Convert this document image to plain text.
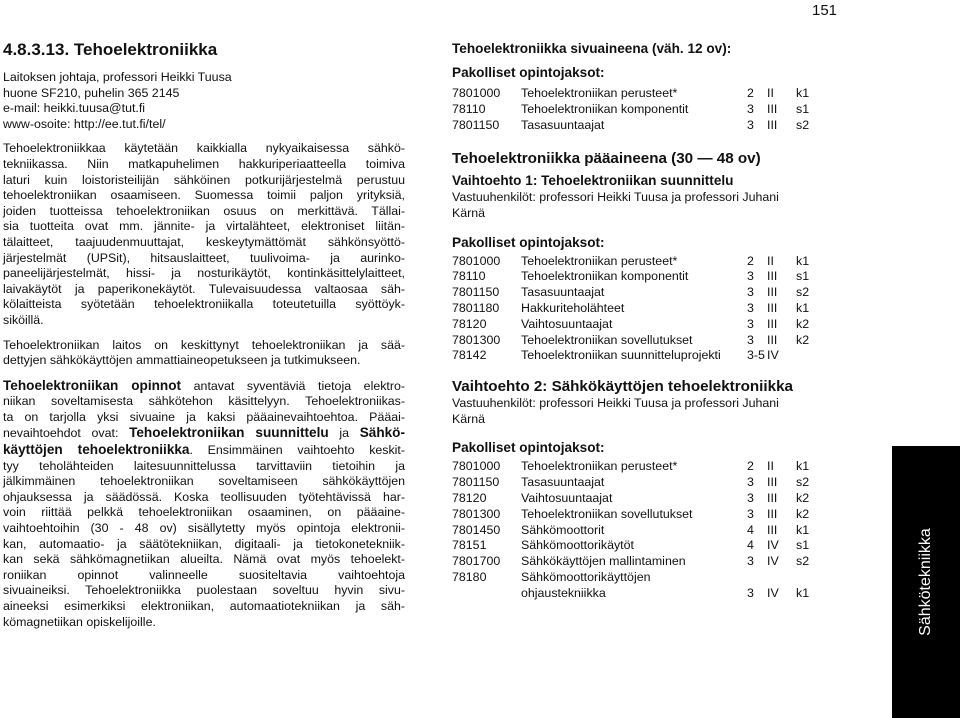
151
4.8.3.13. Tehoelektroniikka

Laitoksen johtaja, professori Heikki Tuusa

huone SF210, puhelin 365 2145

e-mail: heikki.tuusa@tut.fi

www-osoite: http://ee.tut.fi/tel/

Tehoelektroniikkaa käytetään kaikkialla nykyaikaisessa sähkö-

tekniikassa. Niin matkapuhelimen hakkuriperiaatteella toimiva

laturi kuin loistoristeilijän sähköinen potkurijärjestelmä perustuu

tehoelektroniikan osaamiseen. Suomessa toimii paljon yrityksiä,

joiden tuotteissa tehoelektroniikan osuus on merkittävä. Tällai-

sia tuotteita ovat mm. jännite- ja virtalähteet, elektroniset liitän-

tälaitteet, taajuudenmuuttajat, keskeytymättömät sähkönsyöttö-

järjestelmät (UPSit), hitsauslaitteet, tuulivoima- ja aurinko-

paneelijärjestelmät, hissi- ja nosturikäytöt, kontinkäsittelylaitteet,

laivakäytöt ja paperikonekäytöt. Tulevaisuudessa valtaosaa säh-

kölaitteista syötetään tehoelektroniikalla toteutetuilla syöttöyk-

siköillä.

Tehoelektroniikan laitos on keskittynyt tehoelektroniikan ja sää-

dettyjen sähkökäyttöjen ammattiaineopetukseen ja tutkimukseen.

Tehoelektroniikan opinnot antavat syventäviä tietoja elektro-

niikan soveltamisesta sähkötehon käsittelyyn. Tehoelektroniikas-

ta on tarjolla yksi sivuaine ja kaksi pääainevaihtoehtoa. Pääai-

nevaihtoehdot ovat: Tehoelektroniikan suunnittelu ja Sähkö-

käyttöjen tehoelektroniikka. Ensimmäinen vaihtoehto keskit-

tyy teholähteiden laitesuunnittelussa tarvittaviin tietoihin ja

jälkimmäinen tehoelektroniikan soveltamiseen sähkökäyttöjen

ohjauksessa ja säädössä. Koska teollisuuden työtehtävissä har-

voin riittää pelkkä tehoelektroniikan osaaminen, on pääaine-

vaihtoehtoihin (30 - 48 ov) sisällytetty myös opintoja elektronii-

kan, automaatio- ja säätötekniikan, digitaali- ja tietokonetekniik-

kan sekä sähkömagnetiikan alueilta. Nämä ovat myös tehoelekt-

roniikan opinnot valinneelle suositeltavia vaihtoehtoja

sivuaineiksi. Tehoelektroniikka puolestaan soveltuu hyvin sivu-

aineeksi esimerkiksi elektroniikan, automaatiotekniikan ja säh-

kömagnetiikan opiskelijoille.

Tehoelektroniikka sivuaineena (väh. 12 ov):

Pakolliset opintojaksot:

7801000	Tehoelektroniikan perusteet*	2	II	k1
78110	Tehoelektroniikan komponentit	3	III	s1
7801150	Tasasuuntaajat	3	III	s2

Tehoelektroniikka pääaineena (30 — 48 ov)

Vaihtoehto 1: Tehoelektroniikan suunnittelu

Vastuuhenkilöt: professori Heikki Tuusa ja professori Juhani

Kärnä

Pakolliset opintojaksot:

7801000	Tehoelektroniikan perusteet*	2	II	k1
78110	Tehoelektroniikan komponentit	3	III	s1
7801150	Tasasuuntaajat	3	III	s2
7801180	Hakkuriteholähteet	3	III	k1
78120	Vaihtosuuntaajat	3	III	k2
7801300	Tehoelektroniikan sovellutukset	3	III	k2
78142	Tehoelektroniikan suunnitteluprojekti	3-5	IV	

Vaihtoehto 2: Sähkökäyttöjen tehoelektroniikka

Vastuuhenkilöt: professori Heikki Tuusa ja professori Juhani

Kärnä

Pakolliset opintojaksot:

7801000	Tehoelektroniikan perusteet*	2	II	k1
7801150	Tasasuuntaajat	3	III	s2
78120	Vaihtosuuntaajat	3	III	k2
7801300	Tehoelektroniikan sovellutukset	3	III	k2
7801450	Sähkömoottorit	4	III	k1
78151	Sähkömoottorikäytöt	4	IV	s1
7801700	Sähkökäyttöjen mallintaminen	3	IV	s2
78180	Sähkömoottorikäyttöjen			
	ohjaustekniikka	3	IV	k1	Sähkötekniikka
